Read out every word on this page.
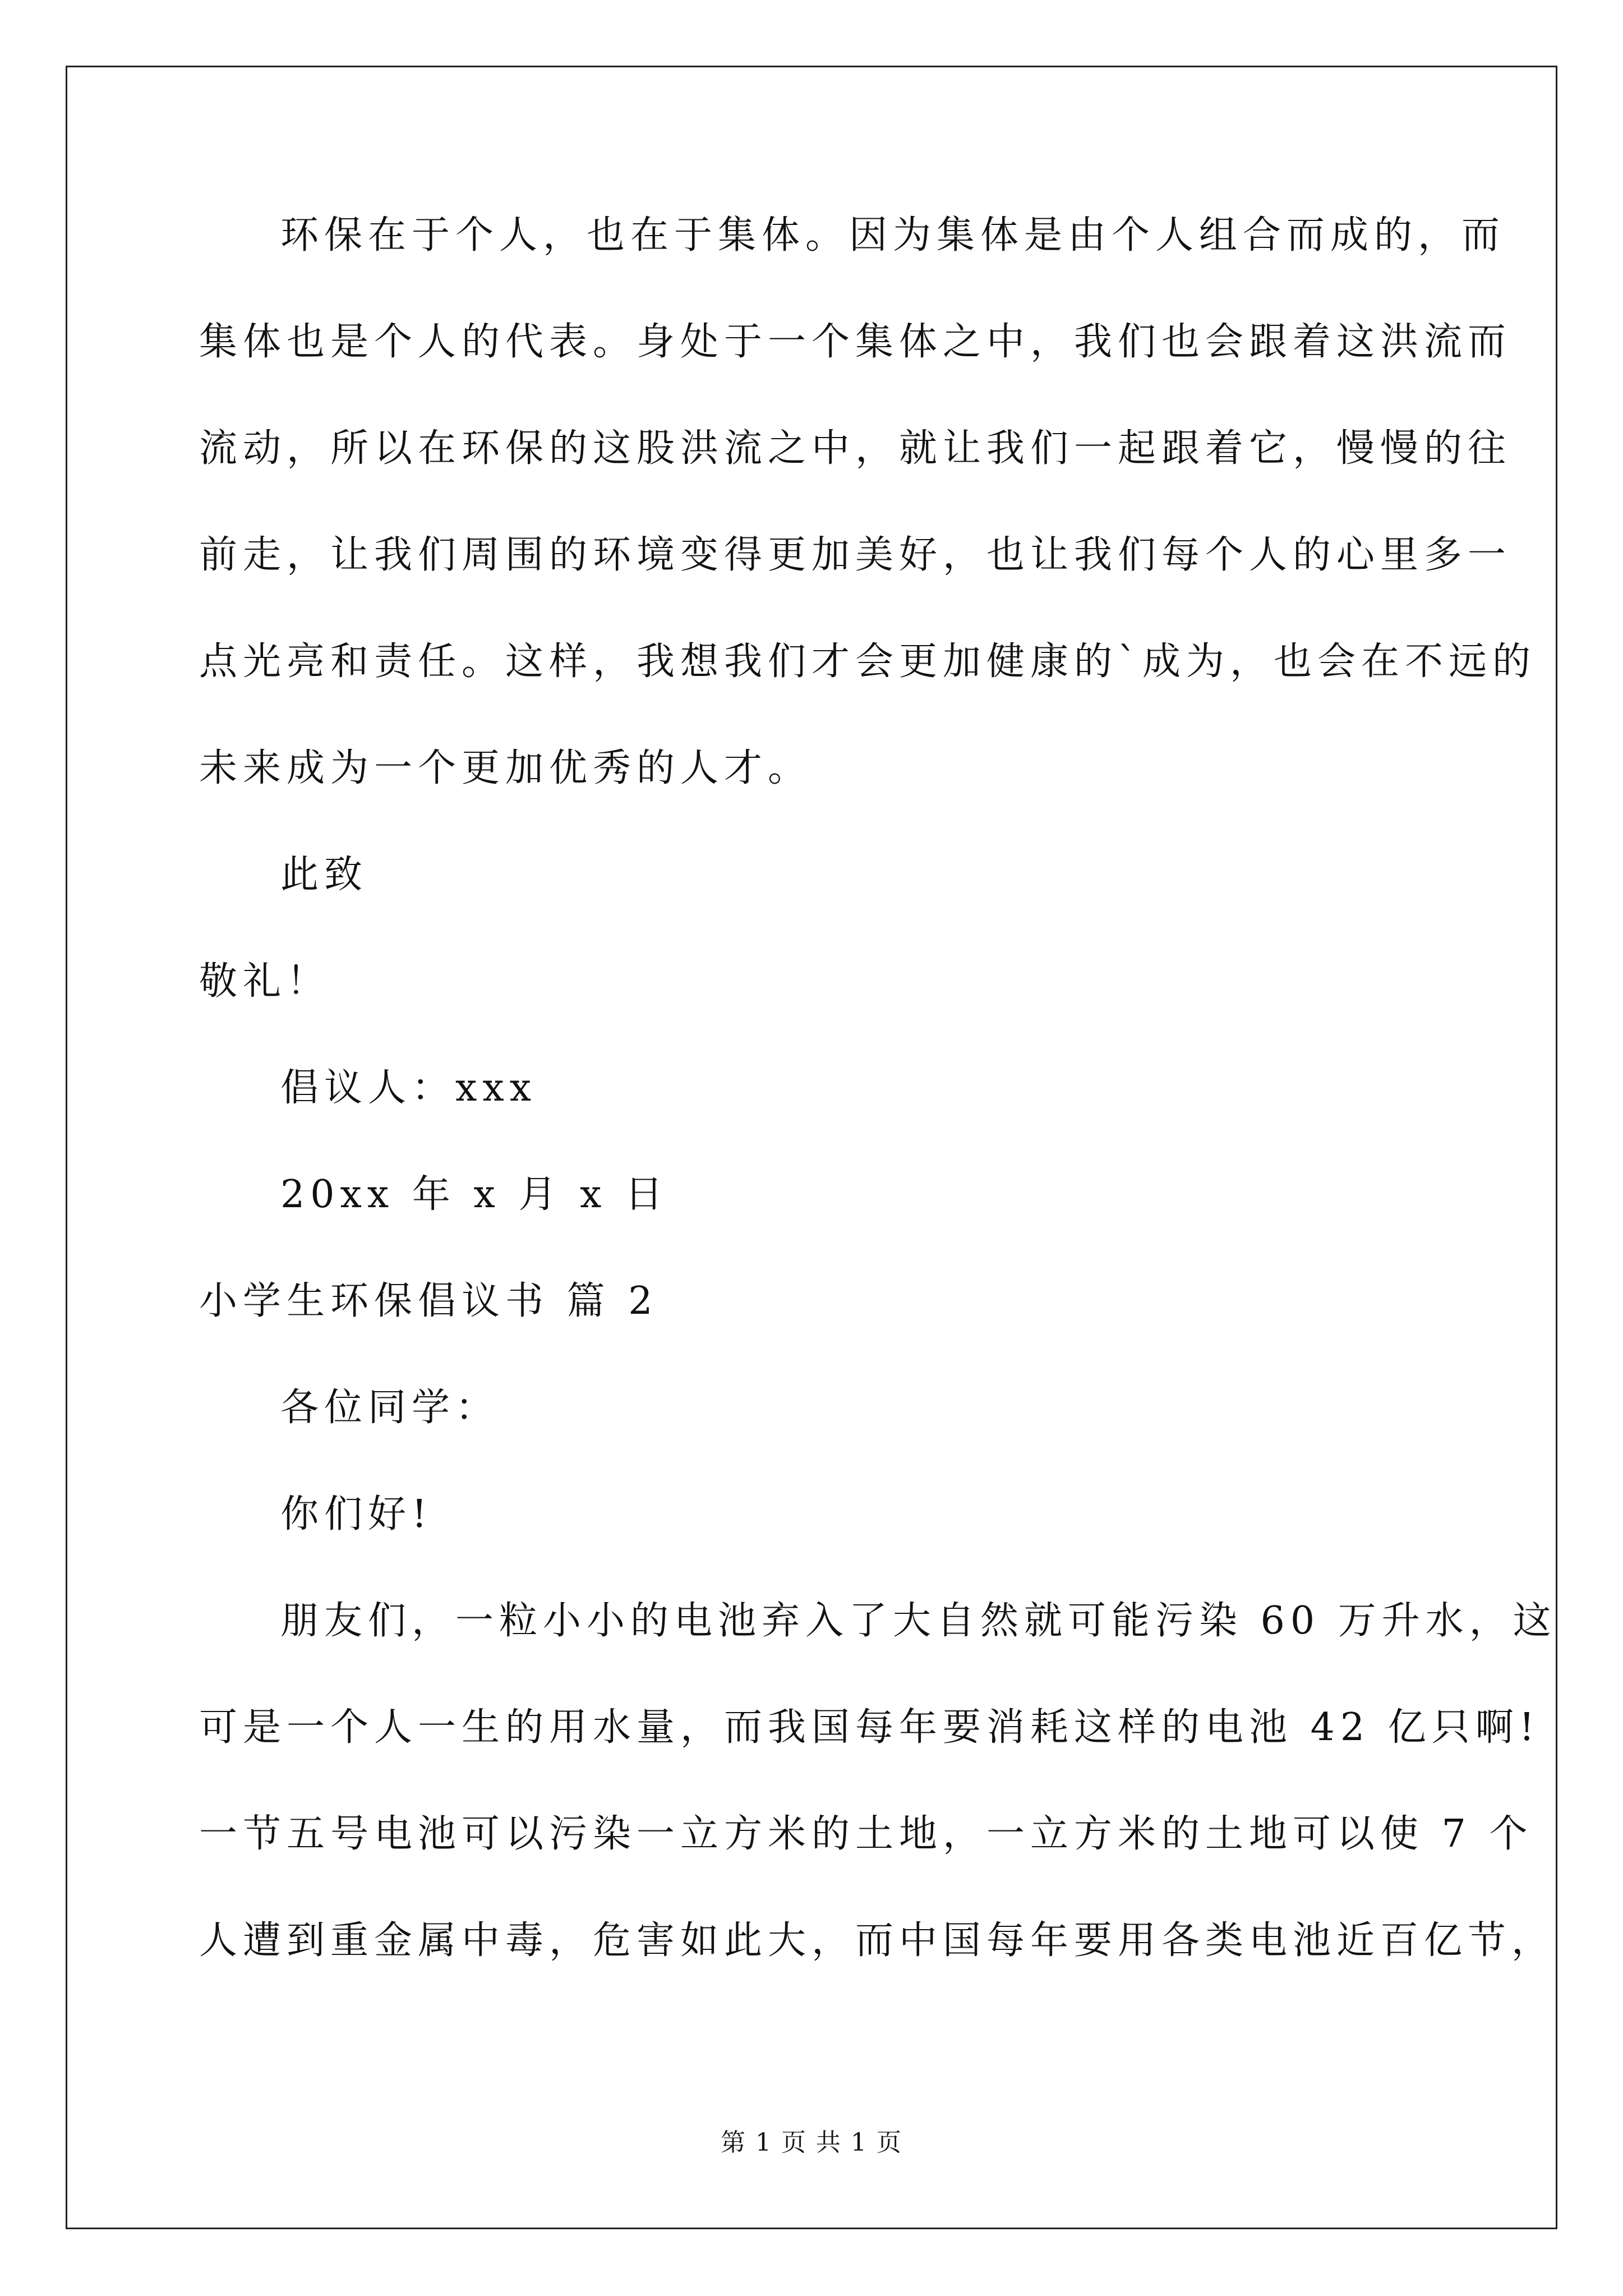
环保在于个人，也在于集体。因为集体是由个人组合而成的，而
集体也是个人的代表。身处于一个集体之中，我们也会跟着这洪流而
流动，所以在环保的这股洪流之中，就让我们一起跟着它，慢慢的往
前走，让我们周围的环境变得更加美好，也让我们每个人的心里多一
点光亮和责任。这样，我想我们才会更加健康的`成为，也会在不远的
未来成为一个更加优秀的人才。
此致
敬礼！
倡议人：xxx
20xx 年 x 月 x 日
小学生环保倡议书 篇 2
各位同学：
你们好!
朋友们，一粒小小的电池弃入了大自然就可能污染 60 万升水，这
可是一个人一生的用水量，而我国每年要消耗这样的电池 42 亿只啊!
一节五号电池可以污染一立方米的土地，一立方米的土地可以使 7 个
人遭到重金属中毒，危害如此大，而中国每年要用各类电池近百亿节，
第 1 页 共 1 页
